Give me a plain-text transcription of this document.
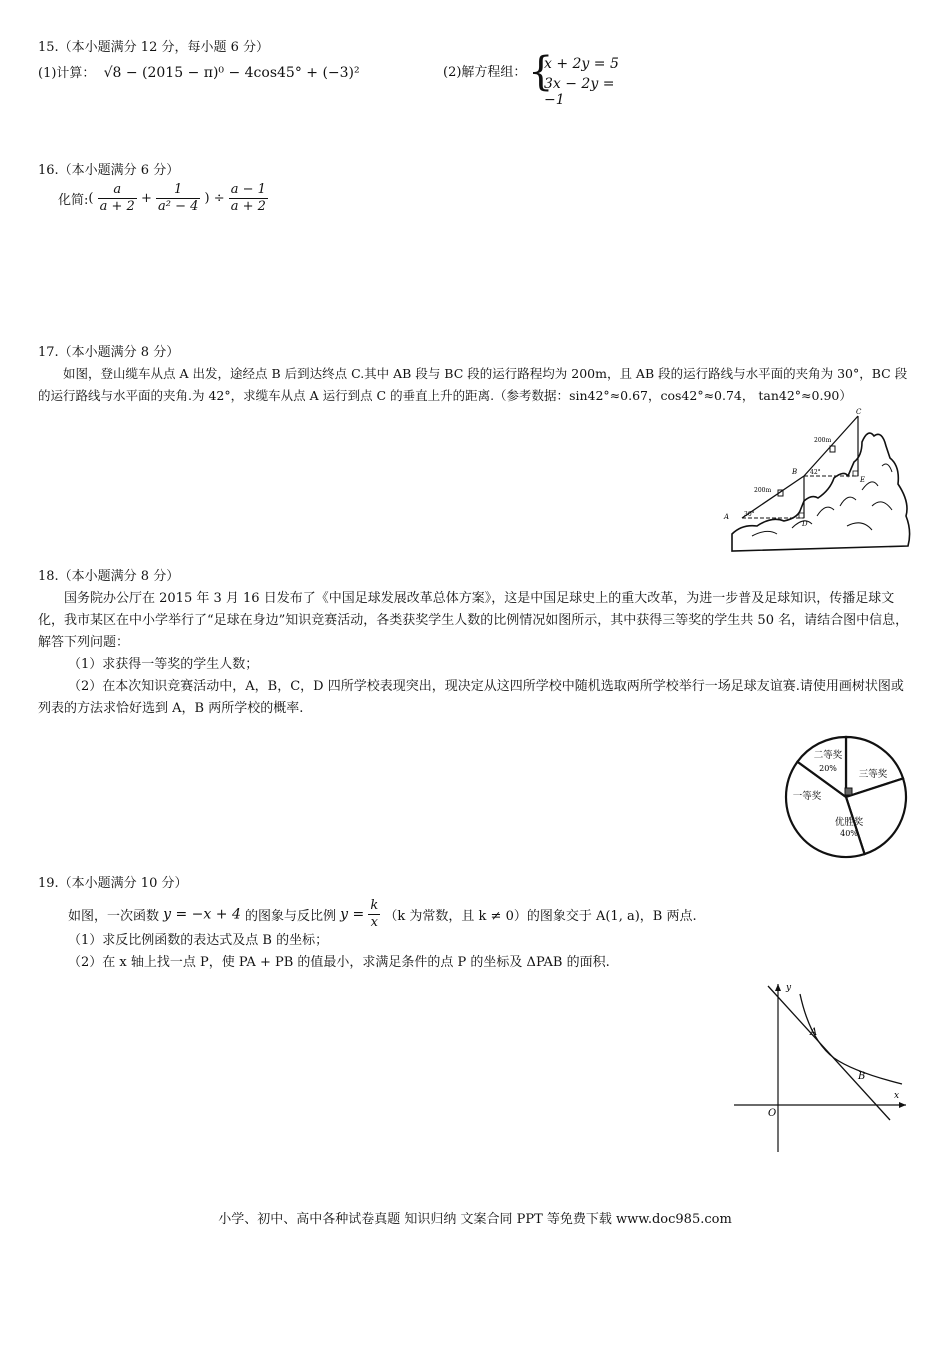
15.（本小题满分 12 分，每小题 6 分）
(1)计算： √8 − (2015 − π)⁰ − 4cos45° + (−3)²	(2)解方程组： {
x + 2y = 5
3x − 2y = −1
16.（本小题满分 6 分）
化简:( $\frac{a}{a + 2} + \frac{1}{\text{a² − 4}}$ ) ÷ $\frac{a - 1}{a + 2}$
17.（本小题满分 8 分）
如图，登山缆车从点 A 出发，途经点 B 后到达终点 C.其中 AB 段与 BC 段的运行路程均为 200m，且 AB 段的运行路线与水平面的夹角为 30°，BC 段的运行路线与水平面的夹角.为 42°，求缆车从点 A 运行到点 C 的垂直上升的距离.（参考数据：sin42°≈0.67，cos42°≈0.74， tan42°≈0.90）
A
B
C
D
E
200m
200m
30°
42°
18.（本小题满分 8 分）
国务院办公厅在 2015 年 3 月 16 日发布了《中国足球发展改革总体方案》，这是中国足球史上的重大改革，为进一步普及足球知识，传播足球文化，我市某区在中小学举行了“足球在身边”知识竞赛活动，各类获奖学生人数的比例情况如图所示，其中获得三等奖的学生共 50 名，请结合图中信息，解答下列问题：
（1）求获得一等奖的学生人数；
（2）在本次知识竞赛活动中，A，B，C，D 四所学校表现突出，现决定从这四所学校中随机选取两所学校举行一场足球友谊赛.请使用画树状图或列表的方法求恰好选到 A，B 两所学校的概率.
二等奖
20%
三等奖
优胜奖
40%
一等奖
19.（本小题满分 10 分）
如图，一次函数 y = −x + 4 的图象与反比例 $y = \frac{k}{x} (k$ 为常数，且 k ≠ 0）的图象交于 A(1, a)，B 两点.
（1）求反比例函数的表达式及点 B 的坐标；
（2）在 x 轴上找一点 P，使 PA + PB 的值最小，求满足条件的点 P 的坐标及 ΔPAB 的面积.
y
x
O
A
B
小学、初中、高中各种试卷真题 知识归纳 文案合同 PPT 等免费下载 www.doc985.com
